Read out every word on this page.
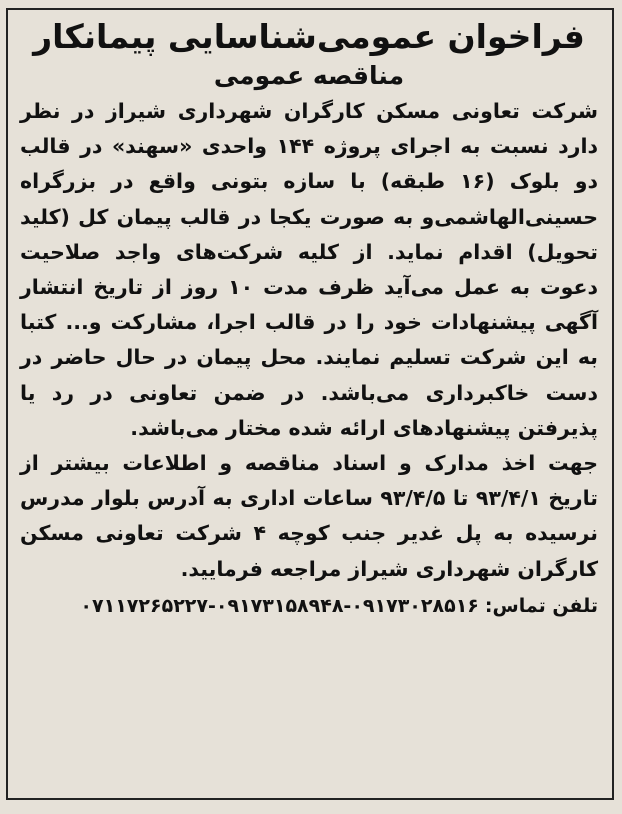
فراخوان عمومی‌شناسایی پیمانکار
مناقصه عمومی

شرکت تعاونی مسکن کارگران شهرداری شیراز در نظر دارد نسبت به اجرای پروژه ۱۴۴ واحدی «سهند» در قالب دو بلوک (۱۶ طبقه) با سازه بتونی واقع در بزرگراه حسینی‌الهاشمی‌و به صورت یکجا در قالب پیمان کل (کلید تحویل) اقدام نماید. از کلیه شرکت‌های واجد صلاحیت دعوت به عمل می‌آید ظرف مدت ۱۰ روز از تاریخ انتشار آگهی پیشنهادات خود را در قالب اجرا، مشارکت و... کتبا به این شرکت تسلیم نمایند. محل پیمان در حال حاضر در دست خاکبرداری می‌باشد. در ضمن تعاونی در رد یا پذیرفتن پیشنهادهای ارائه شده مختار می‌باشد.

جهت اخذ مدارک و اسناد مناقصه و اطلاعات بیشتر از تاریخ ۹۳/۴/۱ تا ۹۳/۴/۵ ساعات اداری به آدرس بلوار مدرس نرسیده به پل غدیر جنب کوچه ۴ شرکت تعاونی مسکن کارگران شهرداری شیراز مراجعه فرمایید.

تلفن تماس:
۰۷۱۱۷۲۶۵۲۲۷-۰۹۱۷۳۱۵۸۹۴۸-۰۹۱۷۳۰۲۸۵۱۶
